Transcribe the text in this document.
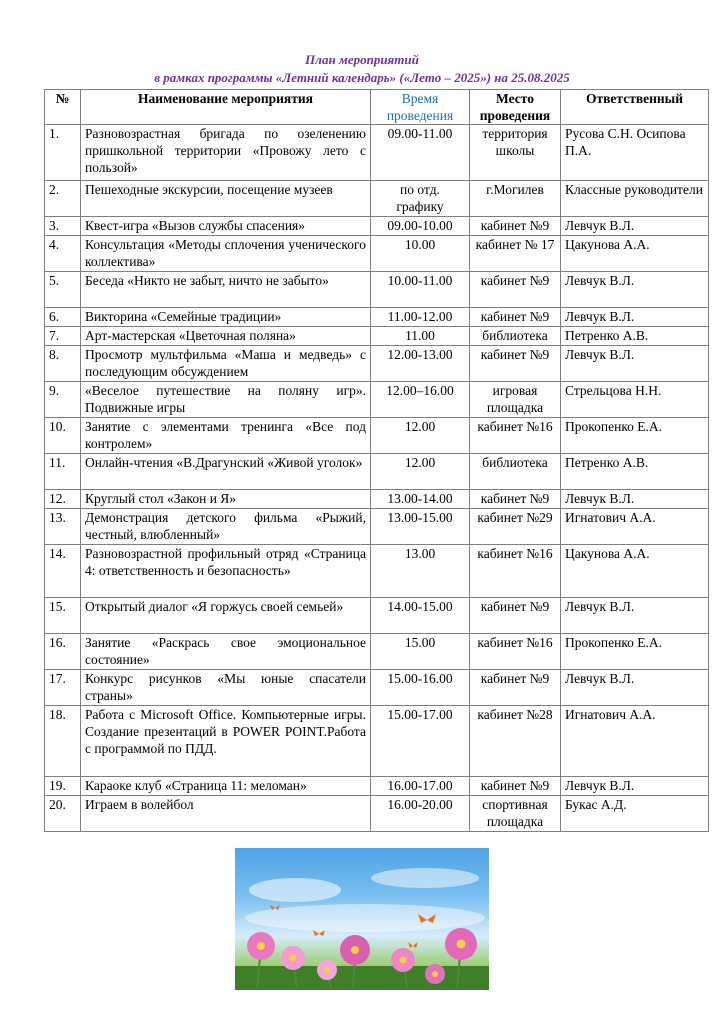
План мероприятий
в рамках программы «Летний календарь» («Лето – 2025») на 25.08.2025
№	Наименование мероприятия	Время проведения	Место проведения	Ответственный
1.	Разновозрастная бригада по озеленению пришкольной территории «Провожу лето с пользой»	09.00-11.00	территория школы	Русова С.Н. Осипова П.А.
2.	Пешеходные экскурсии, посещение музеев	по отд. графику	г.Могилев	Классные руководители
3.	Квест-игра «Вызов службы спасения»	09.00-10.00	кабинет №9	Левчук В.Л.
4.	Консультация «Методы сплочения ученического коллектива»	10.00	кабинет № 17	Цакунова А.А.
5.	Беседа «Никто не забыт, ничто не забыто»	10.00-11.00	кабинет №9	Левчук В.Л.
6.	Викторина «Семейные традиции»	11.00-12.00	кабинет №9	Левчук В.Л.
7.	Арт-мастерская «Цветочная поляна»	11.00	библиотека	Петренко А.В.
8.	Просмотр мультфильма «Маша и медведь» с последующим обсуждением	12.00-13.00	кабинет №9	Левчук В.Л.
9.	«Веселое путешествие на поляну игр». Подвижные игры	12.00–16.00	игровая площадка	Стрельцова Н.Н.
10.	Занятие с элементами тренинга «Все под контролем»	12.00	кабинет №16	Прокопенко Е.А.
11.	Онлайн-чтения «В.Драгунский «Живой уголок»	12.00	библиотека	Петренко А.В.
12.	Круглый стол «Закон и Я»	13.00-14.00	кабинет №9	Левчук В.Л.
13.	Демонстрация детского фильма «Рыжий, честный, влюбленный»	13.00-15.00	кабинет №29	Игнатович А.А.
14.	Разновозрастной профильный отряд «Страница 4: ответственность и безопасность»	13.00	кабинет №16	Цакунова А.А.
15.	Открытый диалог «Я горжусь своей семьей»	14.00-15.00	кабинет №9	Левчук В.Л.
16.	Занятие «Раскрась свое эмоциональное состояние»	15.00	кабинет №16	Прокопенко Е.А.
17.	Конкурс рисунков «Мы юные спасатели страны»	15.00-16.00	кабинет №9	Левчук В.Л.
18.	Работа с Microsoft Office. Компьютерные игры. Создание презентаций в POWER POINT.Работа с программой по ПДД.	15.00-17.00	кабинет №28	Игнатович А.А.
19.	Караоке клуб «Страница 11: меломан»	16.00-17.00	кабинет №9	Левчук В.Л.
20.	Играем в волейбол	16.00-20.00	спортивная площадка	Букас А.Д.
